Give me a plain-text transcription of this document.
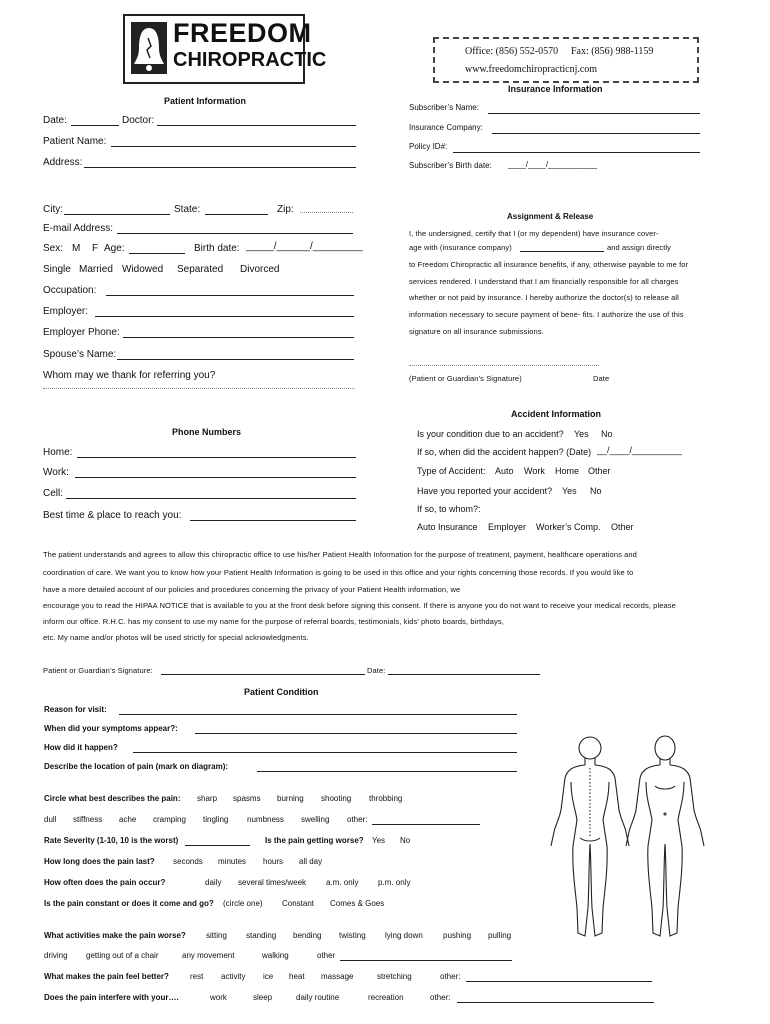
FREEDOM
CHIROPRACTIC	Office: (856) 552-0570 Fax: (856) 988-1159
www.freedomchiropracticnj.com
Patient Information
Date:	Doctor:
Patient Name:
Address:
City:	State:	Zip:
E-mail Address:
Sex: M F Age:	Birth date: _____/______/_________
Single Married Widowed Separated Divorced
Occupation:
Employer:
Employer Phone:
Spouse’s Name:
Whom may we thank for referring you?
Insurance Information
Subscriber’s Name:
Insurance Company:
Policy ID#:
Subscriber’s Birth date: ____/____/___________
Assignment & Release
I, the undersigned, certify that I (or my dependent) have insurance cover-
age with (insurance company)	and assign directly
to Freedom Chiropractic all insurance benefits, if any, otherwise payable to me for
services rendered. I understand that I am financially responsible for all charges
whether or not paid by insurance. I hereby authorize the doctor(s) to release all
information necessary to secure payment of bene- fits. I authorize the use of this
signature on all insurance submissions.
(Patient or Guardian’s Signature)	Date
Phone Numbers
Home:
Work:
Cell:
Best time & place to reach you:
Accident Information
Is your condition due to an accident? Yes No
If so, when did the accident happen? (Date) __/____/__________
Type of Accident: Auto Work Home Other
Have you reported your accident? Yes No
If so, to whom?:
Auto Insurance Employer Worker’s Comp. Other
The patient understands and agrees to allow this chiropractic office to use his/her Patient Health Information for the purpose of treatment, payment, healthcare operations and
coordination of care. We want you to know how your Patient Health Information is going to be used in this office and your rights concerning those records. If you would like to
have a more detailed account of our policies and procedures concerning the privacy of your Patient Health information, we
encourage you to read the HIPAA NOTICE that is available to you at the front desk before signing this consent. If there is anyone you do not want to receive your medical records, please
inform our office. R.H.C. has my consent to use my name for the purpose of referral boards, testimonials, kids’ photo boards, birthdays,
etc. My name and/or photos will be used strictly for special acknowledgments.
Patient or Guardian’s Signature:	Date:
Patient Condition
Reason for visit:
When did your symptoms appear?:
How did it happen?
Describe the location of pain (mark on diagram):
Circle what best describes the pain: sharp spasms burning shooting throbbing
dull stiffness ache cramping tingling numbness swelling other:
Rate Severity (1-10, 10 is the worst)	Is the pain getting worse? Yes No
How long does the pain last? seconds minutes hours all day
How often does the pain occur?	daily several times/week a.m. only p.m. only
Is the pain constant or does it come and go? (circle one) Constant Comes & Goes
What activities make the pain worse?	sitting standing bending twisting lying down	pushing pulling
driving getting out of a chair	any movement	walking	other
What makes the pain feel better?	rest activity ice heat massage	stretching	other:
Does the pain interfere with your….	work	sleep	daily routine	recreation	other:
